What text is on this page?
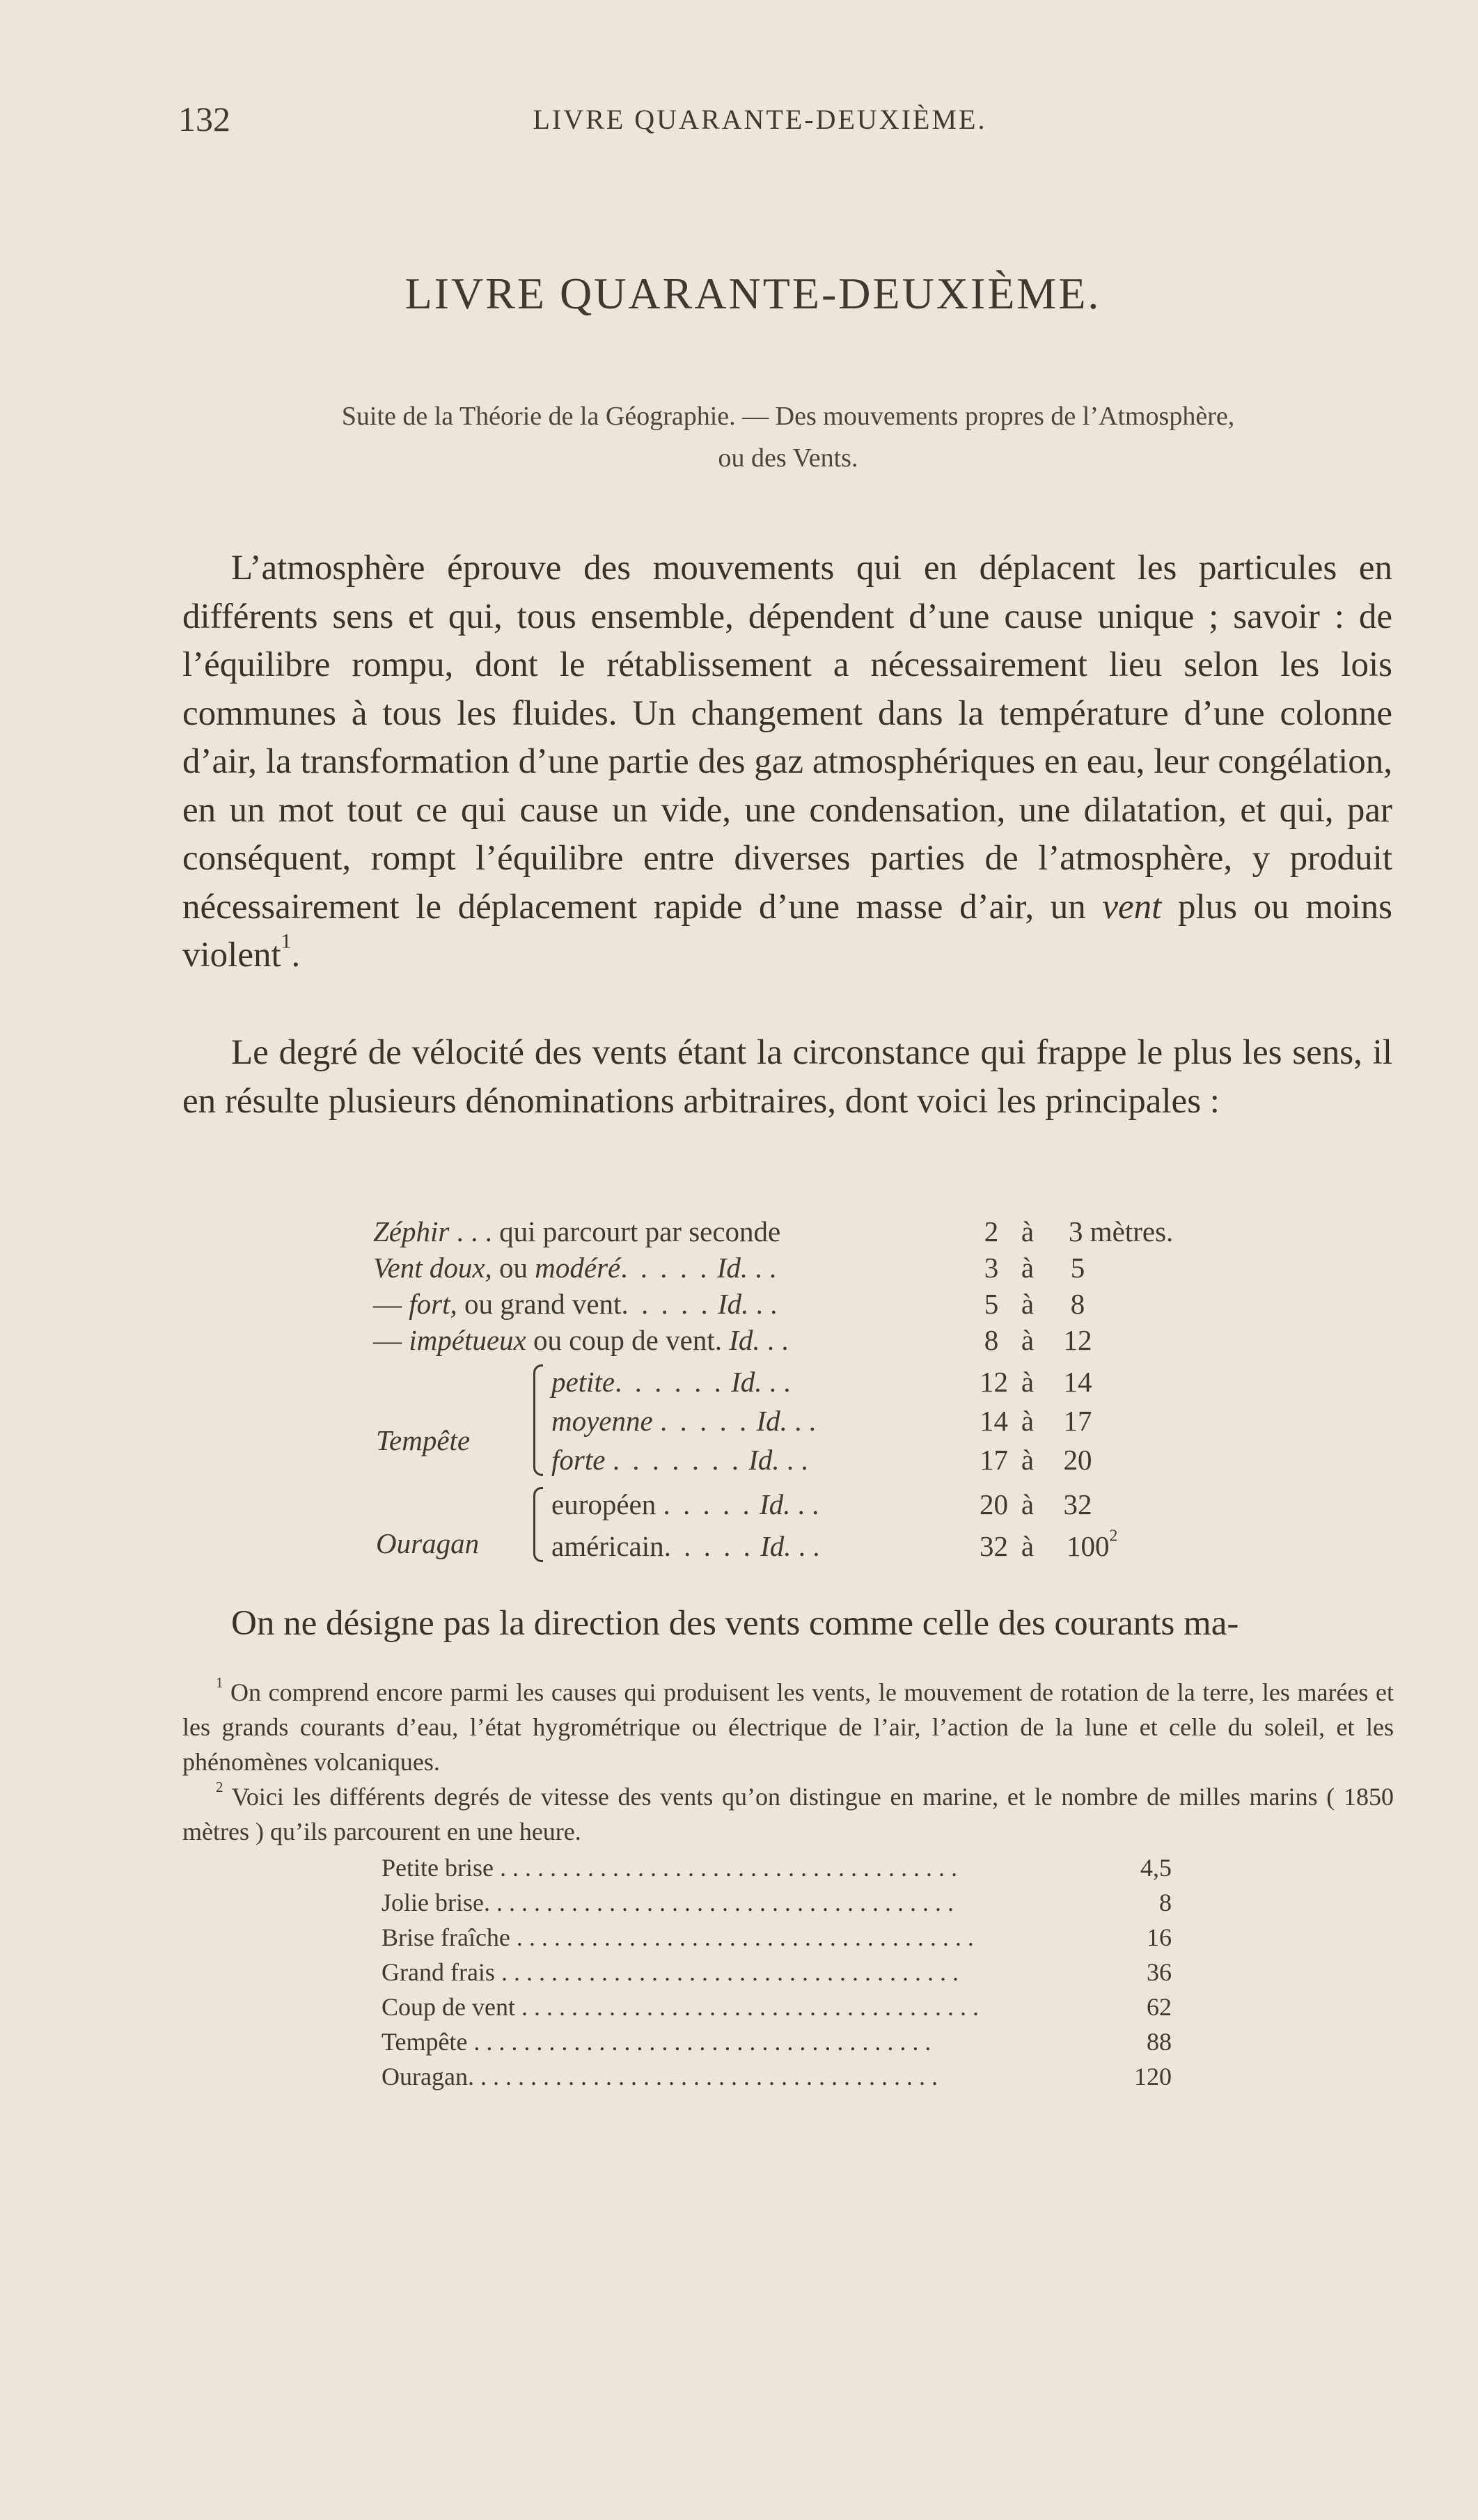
132	LIVRE QUARANTE-DEUXIÈME.
LIVRE QUARANTE-DEUXIÈME.
Suite de la Théorie de la Géographie. — Des mouvements propres de l’Atmosphère,
ou des Vents.
L’atmosphère éprouve des mouvements qui en déplacent les particules en différents sens et qui, tous ensemble, dépendent d’une cause unique ; savoir : de l’équilibre rompu, dont le rétablissement a nécessairement lieu selon les lois communes à tous les fluides. Un changement dans la température d’une colonne d’air, la transformation d’une partie des gaz atmosphériques en eau, leur congélation, en un mot tout ce qui cause un vide, une condensation, une dilatation, et qui, par conséquent, rompt l’équilibre entre diverses parties de l’atmosphère, y produit nécessairement le déplacement rapide d’une masse d’air, un vent plus ou moins violent$^1$.
Le degré de vélocité des vents étant la circonstance qui frappe le plus les sens, il en résulte plusieurs dénominations arbitraires, dont voici les principales :
Zéphir . . . qui parcourt par seconde	2 à	3 mètres.
Vent doux, ou modéré. . . . . Id. . .	3 à	5
— fort, ou grand vent. . . . . Id. . .	5 à	8
— impétueux ou coup de vent. Id. . .	8 à	12
Tempête
petite. . . . . . Id. . .	12 à	14
moyenne . . . . . Id. . .	14 à	17
forte . . . . . . . Id. . .	17 à	20
Ouragan
européen . . . . . Id. . .	20 à	32
américain. . . . . Id. . .	32 à	$100^2$
On ne désigne pas la direction des vents comme celle des courants ma-
$^1$ On comprend encore parmi les causes qui produisent les vents, le mouvement de rotation de la terre, les marées et les grands courants d’eau, l’état hygrométrique ou électrique de l’air, l’action de la lune et celle du soleil, et les phénomènes volcaniques.
$^2$ Voici les différents degrés de vitesse des vents qu’on distingue en marine, et le nombre de milles marins ( 1850 mètres ) qu’ils parcourent en une heure.
Petite brise . . . . . . . . . . . . . . . . . . . . . . . . . . . . . . . . . . . . .	4,5
Jolie brise. . . . . . . . . . . . . . . . . . . . . . . . . . . . . . . . . . . . . .	8
Brise fraîche . . . . . . . . . . . . . . . . . . . . . . . . . . . . . . . . . . . . .	16
Grand frais . . . . . . . . . . . . . . . . . . . . . . . . . . . . . . . . . . . . .	36
Coup de vent . . . . . . . . . . . . . . . . . . . . . . . . . . . . . . . . . . . . .	62
Tempête . . . . . . . . . . . . . . . . . . . . . . . . . . . . . . . . . . . . .	88
Ouragan. . . . . . . . . . . . . . . . . . . . . . . . . . . . . . . . . . . . . .	120
